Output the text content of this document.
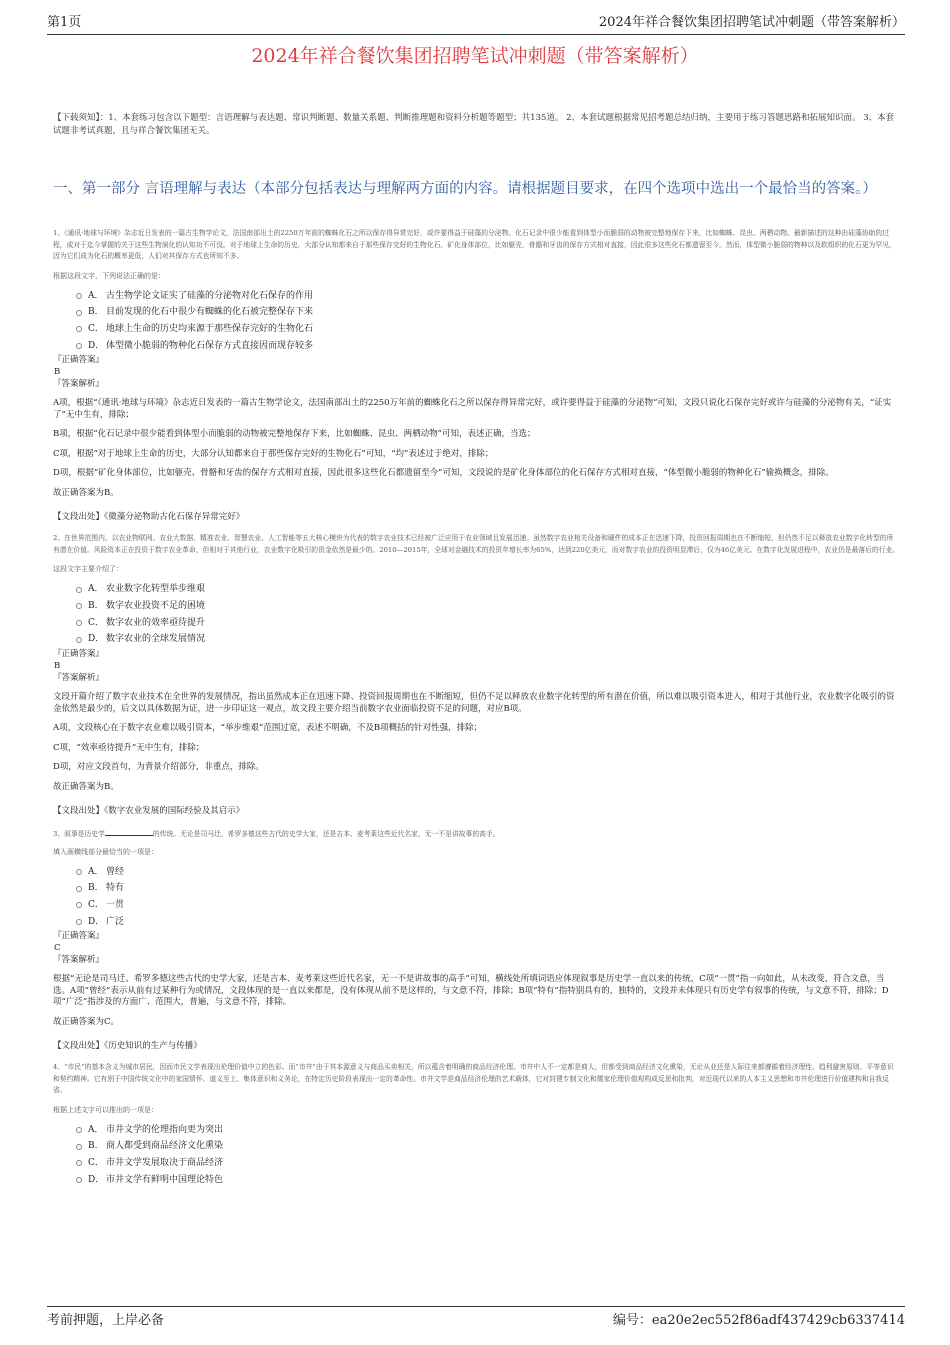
第1页	2024年祥合餐饮集团招聘笔试冲刺题（带答案解析）
2024年祥合餐饮集团招聘笔试冲刺题（带答案解析）
【下载须知】：1、本套练习包含以下题型：言语理解与表达题、常识判断题、数量关系题、判断推理题和资料分析题等题型；共135道。 2、本套试题根据常见招考题总结归纳，主要用于练习答题思路和拓展知识面。 3、本套试题非考试真题，且与祥合餐饮集团无关。
一、第一部分 言语理解与表达（本部分包括表达与理解两方面的内容。请根据题目要求，在四个选项中选出一个最恰当的答案。）

1、《通讯·地球与环境》杂志近日发表的一篇古生物学论文，法国南部出土的2250万年前的蜘蛛化石之所以保存得异常完好，或许要得益于硅藻的分泌物。化石记录中很少能看到体型小而脆弱的动物被完整地保存下来，比如蜘蛛、昆虫、两栖动物。最新描述的这种由硅藻协助的过程，或对于迄今掌握的关于这些生物演化的认知功不可没。对于地球上生命的历史，大部分认知都来自于那些保存完好的生物化石。矿化身体部位，比如躯壳、骨骼和牙齿的保存方式相对直接，因此很多这些化石都遗留至今。然而，体型微小脆弱的物种以及软组织的化石更为罕见，因为它们成为化石的概率更低，人们对其保存方式也所知不多。

根据这段文字，下列说法正确的是：

A． 古生物学论文证实了硅藻的分泌物对化石保存的作用
B． 目前发现的化石中很少有蜘蛛的化石被完整保存下来
C． 地球上生命的历史均来源于那些保存完好的生物化石
D． 体型微小脆弱的物种化石保存方式直接因而现存较多
『正确答案』
B
『答案解析』

A项，根据“《通讯·地球与环境》杂志近日发表的一篇古生物学论文，法国南部出土的2250万年前的蜘蛛化石之所以保存得异常完好，或许要得益于硅藻的分泌物”可知，文段只说化石保存完好或许与硅藻的分泌物有关，“证实了”无中生有，排除；

B项，根据“化石记录中很少能看到体型小而脆弱的动物被完整地保存下来，比如蜘蛛、昆虫、两栖动物”可知，表述正确，当选；

C项，根据“对于地球上生命的历史，大部分认知都来自于那些保存完好的生物化石”可知，“均”表述过于绝对，排除；

D项，根据“矿化身体部位，比如躯壳、骨骼和牙齿的保存方式相对直接，因此很多这些化石都遗留至今”可知，文段说的是矿化身体部位的化石保存方式相对直接，“体型微小脆弱的物种化石”偷换概念，排除。

故正确答案为B。

【文段出处】《微藻分泌物助古化石保存异常完好》

2、在世界范围内，以农业物联网、农业大数据、精准农业、智慧农业、人工智能等五大核心模块为代表的数字农业技术已经被广泛应用于农业领域且发展迅速。虽然数字农业相关设备和硬件的成本正在迅速下降，投资回报周期也在不断缩短，但仍然不足以释放农业数字化转型的所有潜在价值。风险资本正在投资于数字农业革命，但相对于其他行业，农业数字化吸引的资金依然是最少的。2010—2015年，全球对金融技术的投资年增长率为65%，达到220亿美元，而对数字农业的投资明显滞后，仅为46亿美元。在数字化发展进程中，农业仍是最落后的行业。

这段文字主要介绍了：

A． 农业数字化转型举步维艰
B． 数字农业投资不足的困境
C． 数字农业的效率亟待提升
D． 数字农业的全球发展情况
『正确答案』
B
『答案解析』

文段开篇介绍了数字农业技术在全世界的发展情况，指出虽然成本正在迅速下降、投资回报周期也在不断缩短，但仍不足以释放农业数字化转型的所有潜在价值，所以难以吸引资本进入，相对于其他行业，农业数字化吸引的资金依然是最少的，后文以具体数据为证，进一步印证这一观点，故文段主要介绍当前数字农业面临投资不足的问题，对应B项。

A项，文段核心在于数字农业难以吸引资本，“举步维艰”范围过宽，表述不明确，不及B项概括的针对性强，排除；

C项，“效率亟待提升”无中生有，排除；

D项，对应文段首句，为背景介绍部分，非重点，排除。

故正确答案为B。

【文段出处】《数字农业发展的国际经验及其启示》

3、叙事是历史学	的传统。无论是司马迁、希罗多德这些古代的史学大家，还是吉本、麦考莱这些近代名家，无一不是讲故事的高手。

填入画横线部分最恰当的一项是：

A． 曾经
B． 特有
C． 一贯
D． 广泛
『正确答案』
C
『答案解析』

根据“无论是司马迁、希罗多德这些古代的史学大家，还是吉本、麦考莱这些近代名家，无一不是讲故事的高手”可知，横线处所填词语应体现叙事是历史学一直以来的传统，C项“一贯”指一向如此，从未改变，符合文意，当选。A项“曾经”表示从前有过某种行为或情况，文段体现的是一直以来都是，没有体现从前不是这样的，与文意不符，排除；B项“特有”指特别具有的，独特的，文段并未体现只有历史学有叙事的传统，与文意不符，排除；D项“广泛”指涉及的方面广、范围大，普遍，与文意不符，排除。

故正确答案为C。

【文段出处】《历史知识的生产与传播》

4、“市民”的基本含义为城市居民，因而市民文学表现出伦理价值中立的色彩。而“市井”由于其本源意义与商品买卖相关，所以蕴含着明确的商品经济伦理。市井中人不一定都是商人，但都受到商品经济文化熏染，无论从业还是人际往来都遵循着经济理性、趋利避害原则、平等意识和契约精神。它有别于中国传统文化中的家国情怀、道义至上、集体意识和义务论，在特定历史阶段表现出一定的革命性。市井文学是商品经济伦理的艺术载体，它对封建专制文化和儒家伦理价值观构成反思和批判，对近现代以来的人本主义思想和市井伦理进行价值建构和自我反省。

根据上述文字可以推出的一项是：

A． 市井文学的伦理指向更为突出
B． 商人都受到商品经济文化熏染
C． 市井文学发展取决于商品经济
D． 市井文学有鲜明中国理论特色
考前押题，上岸必备	编号：ea20e2ec552f86adf437429cb6337414
